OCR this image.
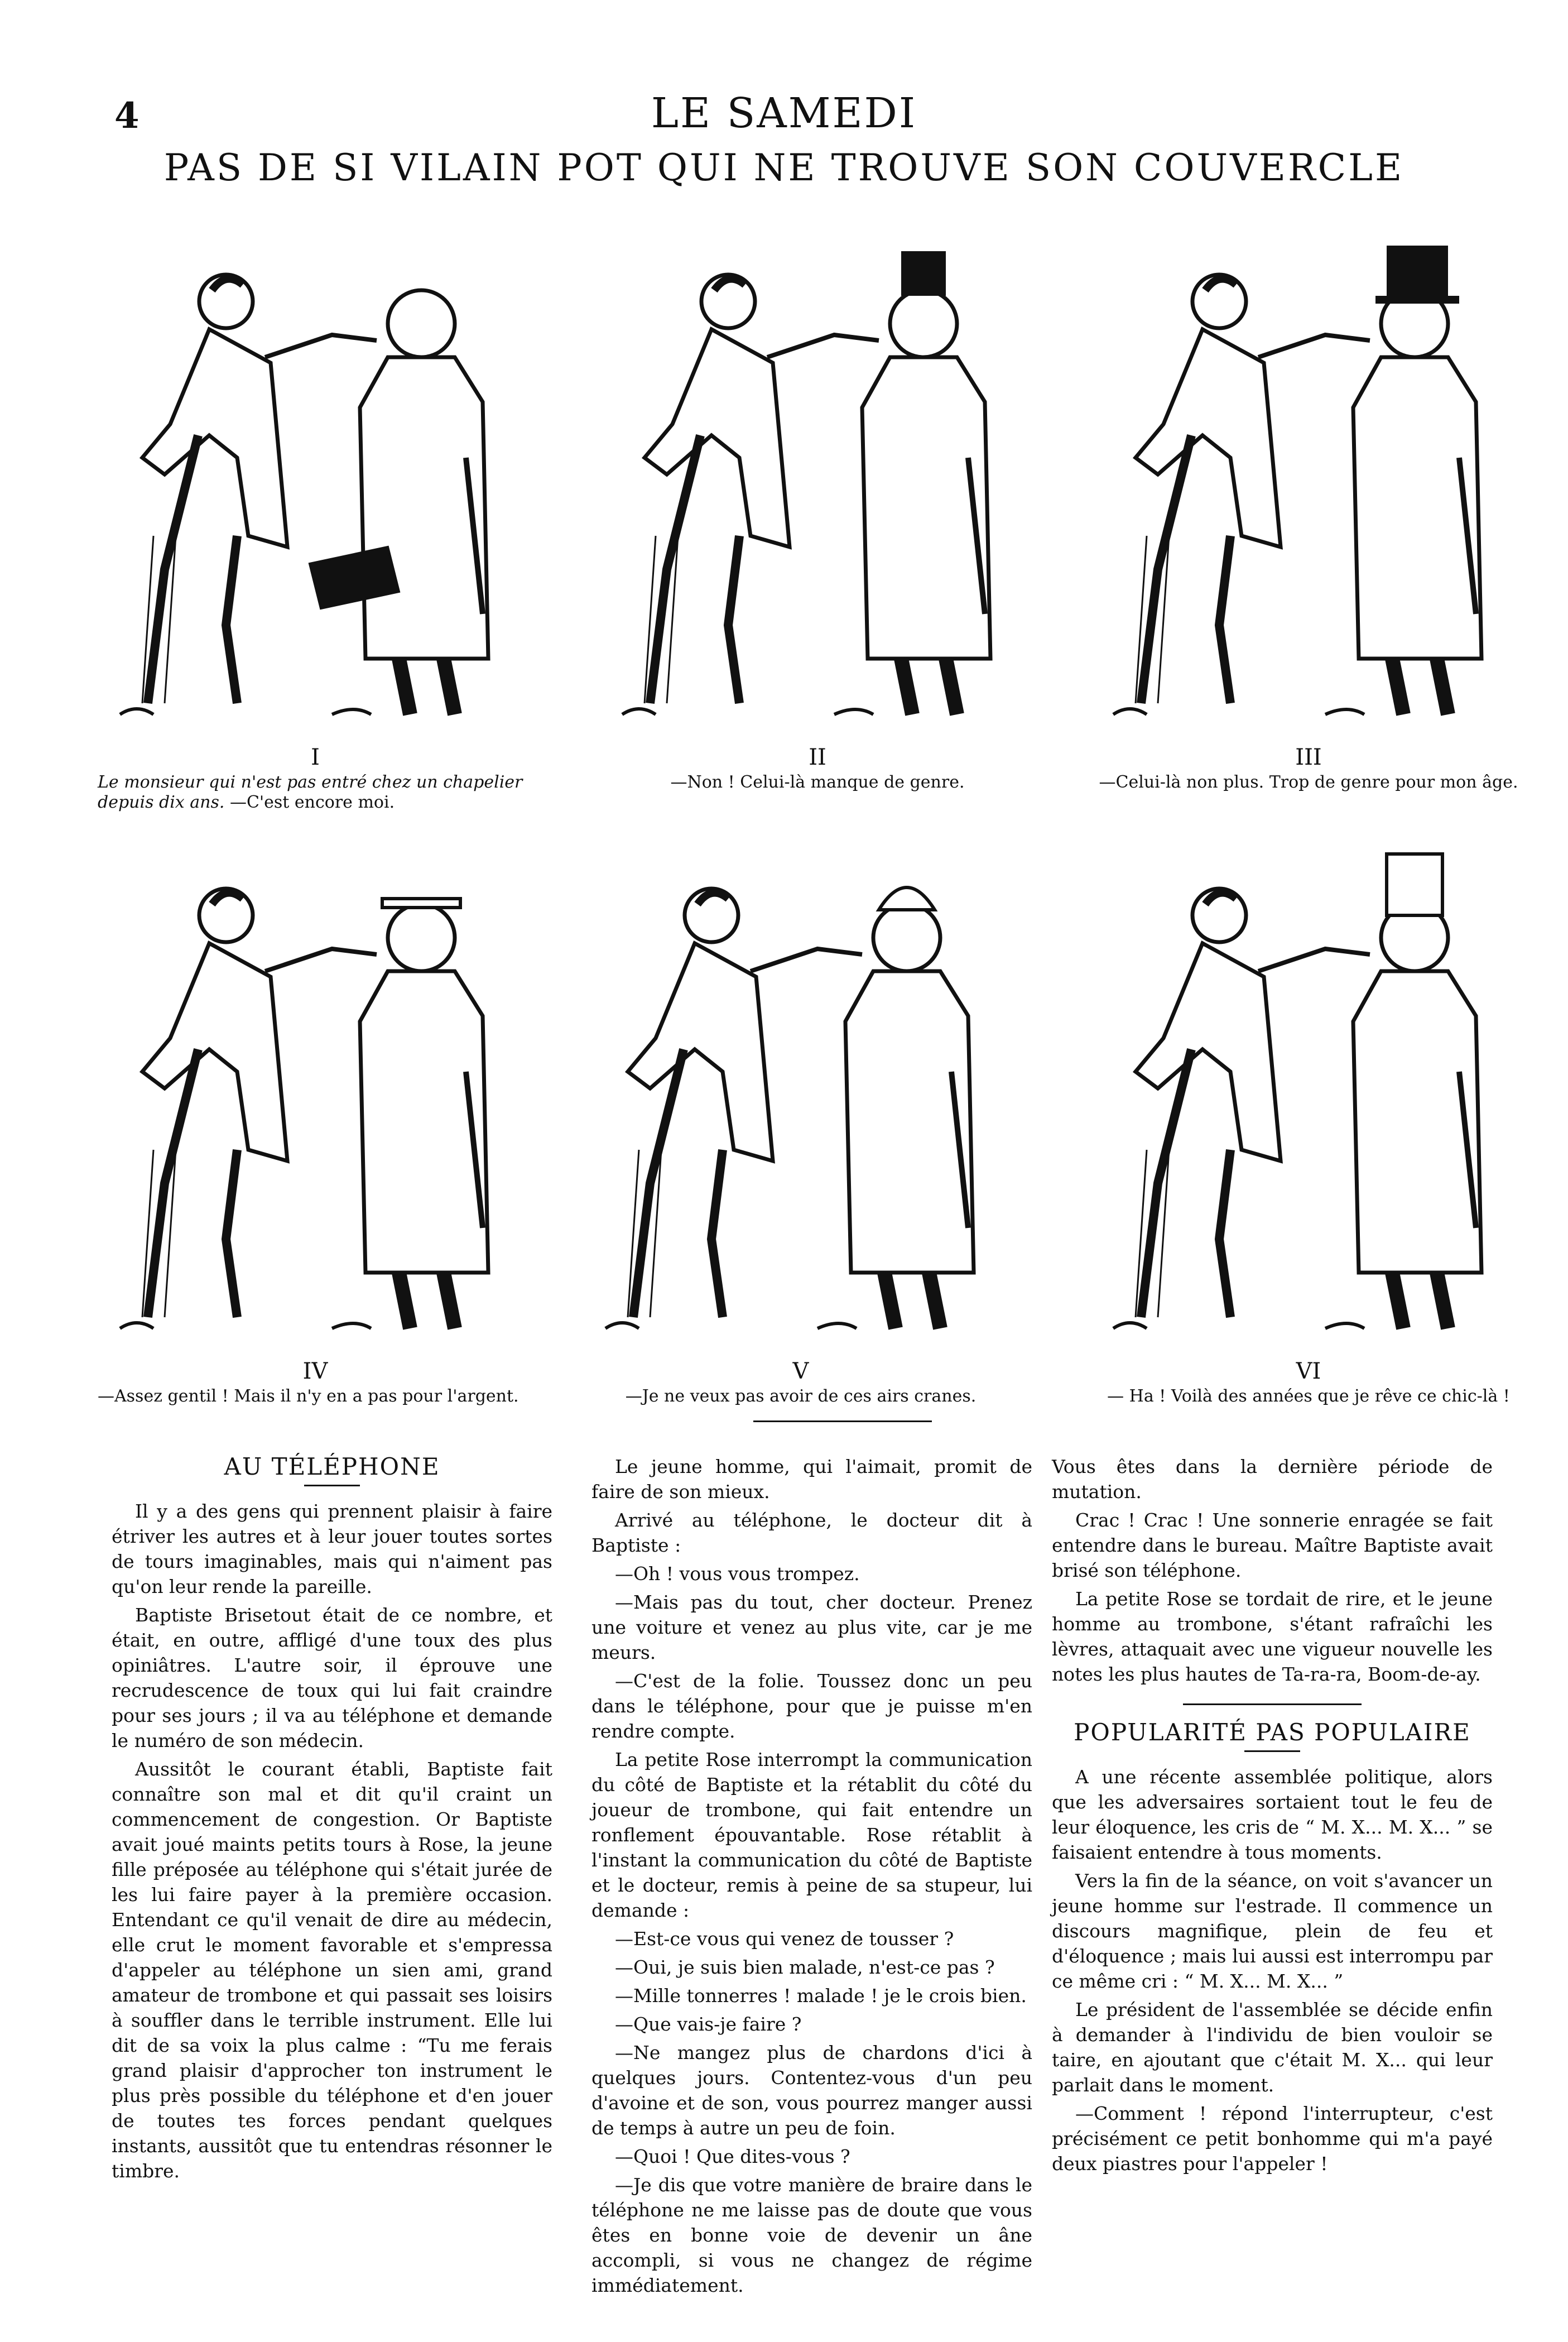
4	LE SAMEDI
PAS DE SI VILAIN POT QUI NE TROUVE SON COUVERCLE
I
Le monsieur qui n'est pas entré chez un chapelier depuis dix ans. —C'est encore moi.
II
—Non ! Celui-là manque de genre.
III
—Celui-là non plus. Trop de genre pour mon âge.
IV
—Assez gentil ! Mais il n'y en a pas pour l'argent.
V
—Je ne veux pas avoir de ces airs cranes.
VI
— Ha ! Voilà des années que je rêve ce chic-là !
AU TÉLÉPHONE

Il y a des gens qui prennent plaisir à faire étriver les autres et à leur jouer toutes sortes de tours imaginables, mais qui n'aiment pas qu'on leur rende la pareille.

Baptiste Brisetout était de ce nombre, et était, en outre, affligé d'une toux des plus opiniâtres. L'autre soir, il éprouve une recrudescence de toux qui lui fait craindre pour ses jours ; il va au téléphone et demande le numéro de son médecin.

Aussitôt le courant établi, Baptiste fait connaître son mal et dit qu'il craint un commencement de congestion. Or Baptiste avait joué maints petits tours à Rose, la jeune fille préposée au téléphone qui s'était jurée de les lui faire payer à la première occasion. Entendant ce qu'il venait de dire au médecin, elle crut le moment favorable et s'empressa d'appeler au téléphone un sien ami, grand amateur de trombone et qui passait ses loisirs à souffler dans le terrible instrument. Elle lui dit de sa voix la plus calme : “Tu me ferais grand plaisir d'approcher ton instrument le plus près possible du téléphone et d'en jouer de toutes tes forces pendant quelques instants, aussitôt que tu entendras résonner le timbre.

Le jeune homme, qui l'aimait, promit de faire de son mieux.

Arrivé au téléphone, le docteur dit à Baptiste :

—Oh ! vous vous trompez.

—Mais pas du tout, cher docteur. Prenez une voiture et venez au plus vite, car je me meurs.

—C'est de la folie. Toussez donc un peu dans le téléphone, pour que je puisse m'en rendre compte.

La petite Rose interrompt la communication du côté de Baptiste et la rétablit du côté du joueur de trombone, qui fait entendre un ronflement épouvantable. Rose rétablit à l'instant la communication du côté de Baptiste et le docteur, remis à peine de sa stupeur, lui demande :

—Est-ce vous qui venez de tousser ?

—Oui, je suis bien malade, n'est-ce pas ?

—Mille tonnerres ! malade ! je le crois bien.

—Que vais-je faire ?

—Ne mangez plus de chardons d'ici à quelques jours. Contentez-vous d'un peu d'avoine et de son, vous pourrez manger aussi de temps à autre un peu de foin.

—Quoi ! Que dites-vous ?

—Je dis que votre manière de braire dans le téléphone ne me laisse pas de doute que vous êtes en bonne voie de devenir un âne accompli, si vous ne changez de régime immédiatement.

Vous êtes dans la dernière période de mutation.

Crac ! Crac ! Une sonnerie enragée se fait entendre dans le bureau. Maître Baptiste avait brisé son téléphone.

La petite Rose se tordait de rire, et le jeune homme au trombone, s'étant rafraîchi les lèvres, attaquait avec une vigueur nouvelle les notes les plus hautes de Ta-ra-ra, Boom-de-ay.

POPULARITÉ PAS POPULAIRE

A une récente assemblée politique, alors que les adversaires sortaient tout le feu de leur éloquence, les cris de “ M. X... M. X... ” se faisaient entendre à tous moments.

Vers la fin de la séance, on voit s'avancer un jeune homme sur l'estrade. Il commence un discours magnifique, plein de feu et d'éloquence ; mais lui aussi est interrompu par ce même cri : “ M. X... M. X... ”

Le président de l'assemblée se décide enfin à demander à l'individu de bien vouloir se taire, en ajoutant que c'était M. X... qui leur parlait dans le moment.

—Comment ! répond l'interrupteur, c'est précisément ce petit bonhomme qui m'a payé deux piastres pour l'appeler !
